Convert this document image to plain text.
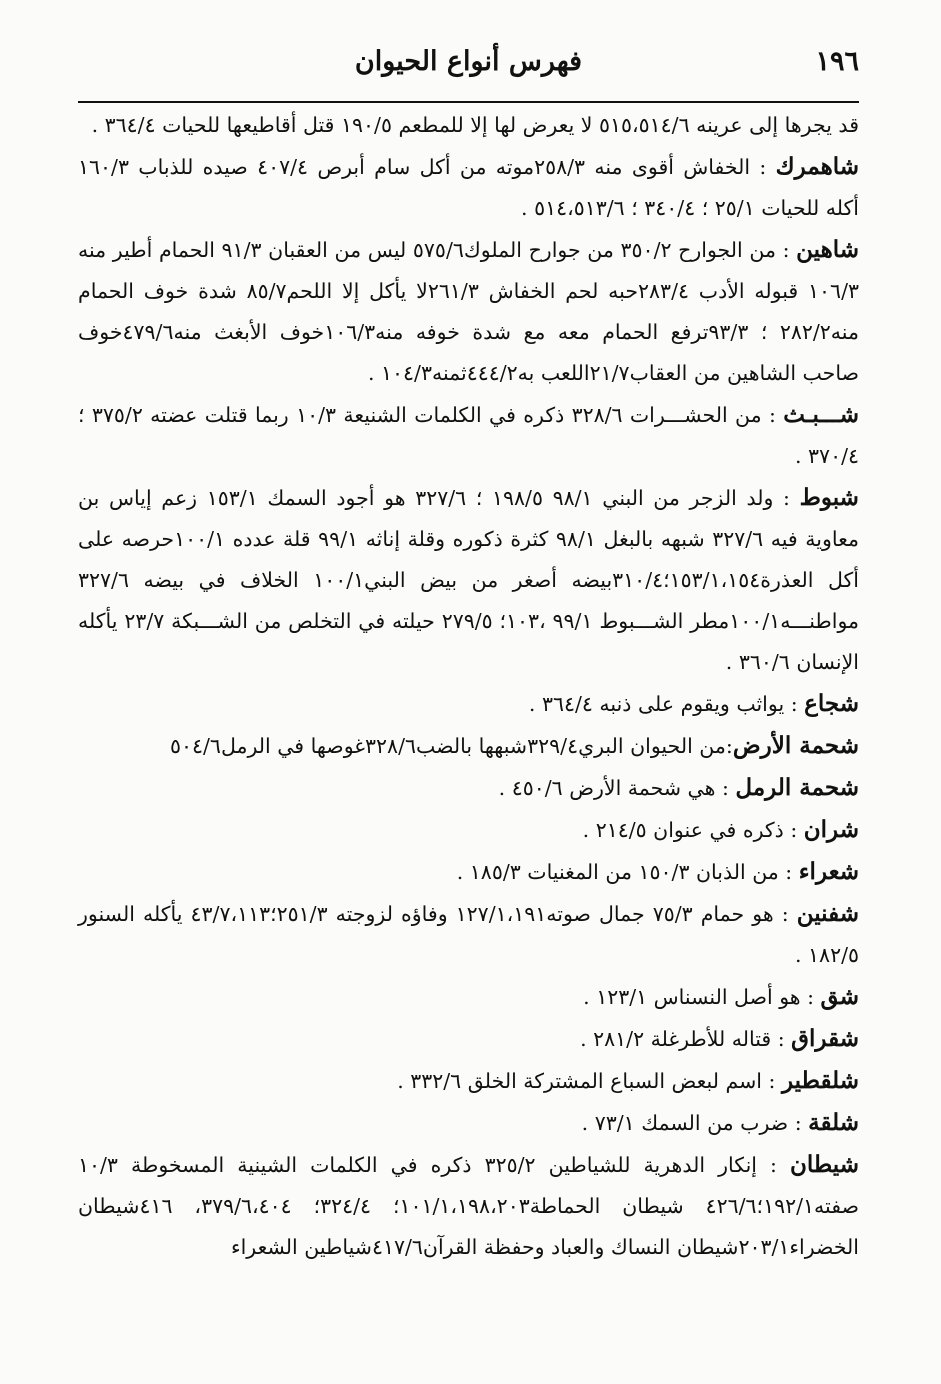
١٩٦
فهرس أنواع الحيوان

قد يجرها إلى عرينه ٥١٥،٥١٤/٦ لا يعرض لها إلا للمطعم ١٩٠/٥ قتل أقاطيعها للحيات ٣٦٤/٤ .

شاهمرك : الخفاش أقوى منه ٢٥٨/٣موته من أكل سام أبرص ٤٠٧/٤ صيده للذباب ١٦٠/٣ أكله للحيات ٢٥/١ ؛ ٣٤٠/٤ ؛ ٥١٤،٥١٣/٦ .

شاهين : من الجوارح ٣٥٠/٢ من جوارح الملوك٥٧٥/٦ ليس من العقبان ٩١/٣ الحمام أطير منه ١٠٦/٣ قبوله الأدب ٢٨٣/٤حبه لحم الخفاش ٢٦١/٣لا يأكل إلا اللحم٨٥/٧ شدة خوف الحمام منه٢٨٢/٢ ؛ ٩٣/٣ترفع الحمام معه مع شدة خوفه منه١٠٦/٣خوف الأبغث منه٤٧٩/٦خوف صاحب الشاهين من العقاب٢١/٧اللعب به٤٤٤/٢ثمنه١٠٤/٣ .

شـــبـث : من الحشـــرات ٣٢٨/٦ ذكره في الكلمات الشنيعة ١٠/٣ ربما قتلت عضته ٣٧٥/٢ ؛ ٣٧٠/٤ .

شبوط : ولد الزجر من البني ٩٨/١ ١٩٨/٥ ؛ ٣٢٧/٦ هو أجود السمك ١٥٣/١ زعم إياس بن معاوية فيه ٣٢٧/٦ شبهه بالبغل ٩٨/١ كثرة ذكوره وقلة إناثه ٩٩/١ قلة عدده ١٠٠/١حرصه على أكل العذرة١٥٣/١،١٥٤؛٣١٠/٤بيضه أصغر من بيض البني١٠٠/١ الخلاف في بيضه ٣٢٧/٦ مواطنـــه١٠٠/١مطر الشـــبوط ٩٩/١ ،١٠٣؛ ٢٧٩/٥ حيلته في التخلص من الشـــبكة ٢٣/٧ يأكله الإنسان ٣٦٠/٦ .

شجاع : يواثب ويقوم على ذنبه ٣٦٤/٤ .

شحمة الأرض:من الحيوان البري٣٢٩/٤شبهها بالضب٣٢٨/٦غوصها في الرمل٥٠٤/٦

شحمة الرمل : هي شحمة الأرض ٤٥٠/٦ .

شران : ذكره في عنوان ٢١٤/٥ .

شعراء : من الذبان ١٥٠/٣ من المغنيات ١٨٥/٣ .

شفنين : هو حمام ٧٥/٣ جمال صوته١٢٧/١،١٩١ وفاؤه لزوجته ٢٥١/٣؛٤٣/٧،١١٣ يأكله السنور ١٨٢/٥ .

شق : هو أصل النسناس ١٢٣/١ .

شقراق : قتاله للأطرغلة ٢٨١/٢ .

شلقطير : اسم لبعض السباع المشتركة الخلق ٣٣٢/٦ .

شلقة : ضرب من السمك ٧٣/١ .

شيطان : إنكار الدهرية للشياطين ٣٢٥/٢ ذكره في الكلمات الشينية المسخوطة ١٠/٣ صفته١٩٢/١؛٤٢٦/٦ شيطان الحماطة١٠١/١،١٩٨،٢٠٣؛ ٣٢٤/٤؛ ٣٧٩/٦،٤٠٤، ٤١٦شيطان الخضراء٢٠٣/١شيطان النساك والعباد وحفظة القرآن٤١٧/٦شياطين الشعراء
